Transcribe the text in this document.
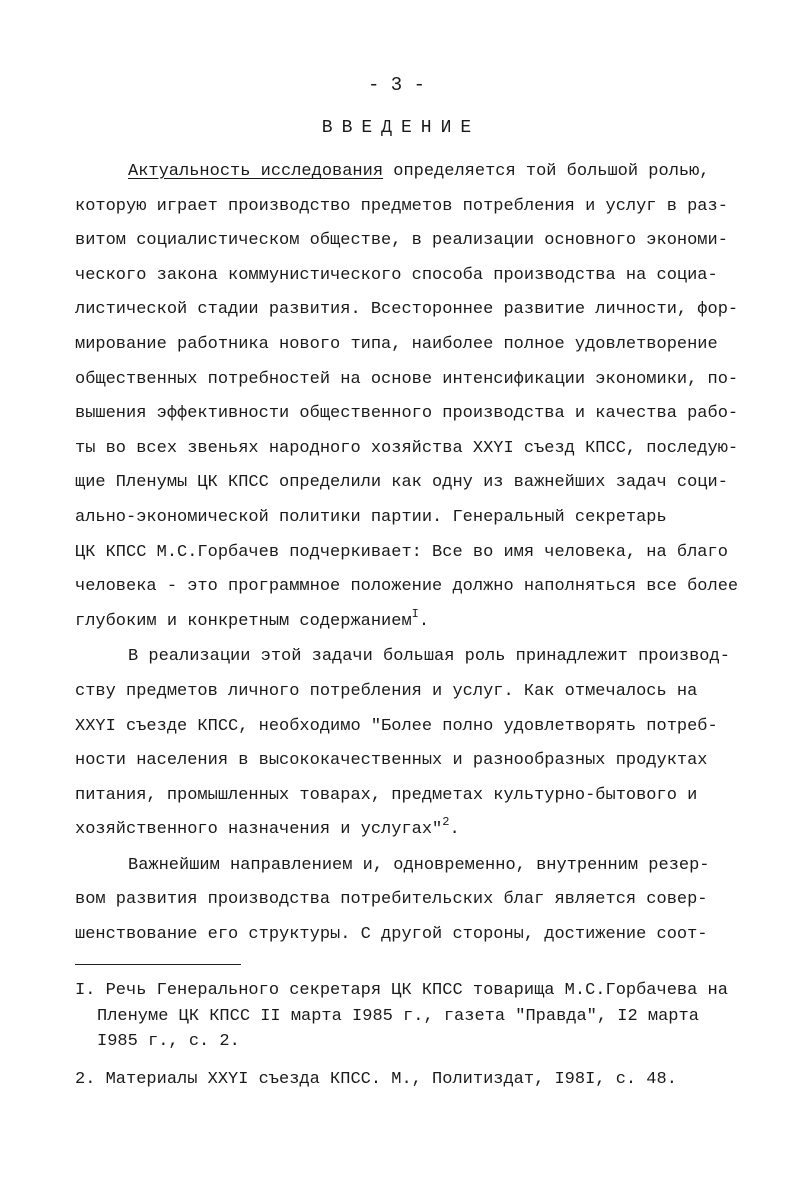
- 3 -
ВВЕДЕНИЕ
Актуальность исследования определяется той большой ролью,
которую играет производство предметов потребления и услуг в раз-
витом социалистическом обществе, в реализации основного экономи-
ческого закона коммунистического способа производства на социа-
листической стадии развития. Всестороннее развитие личности, фор-
мирование работника нового типа, наиболее полное удовлетворение
общественных потребностей на основе интенсификации экономики, по-
вышения эффективности общественного производства и качества рабо-
ты во всех звеньях народного хозяйства XXYI съезд КПСС, последую-
щие Пленумы ЦК КПСС определили как одну из важнейших задач соци-
ально-экономической политики партии. Генеральный секретарь
ЦК КПСС М.С.Горбачев подчеркивает: Все во имя человека, на благо
человека - это программное положение должно наполняться все более
глубоким и конкретным содержанием$^I$.
В реализации этой задачи большая роль принадлежит производ-
ству предметов личного потребления и услуг. Как отмечалось на
XXYI съезде КПСС, необходимо "Более полно удовлетворять потреб-
ности населения в высококачественных и разнообразных продуктах
питания, промышленных товарах, предметах культурно-бытового и
хозяйственного назначения и услугах"$^2$.
Важнейшим направлением и, одновременно, внутренним резер-
вом развития производства потребительских благ является совер-
шенствование его структуры. С другой стороны, достижение соот-
I. Речь Генерального секретаря ЦК КПСС товарища М.С.Горбачева на
Пленуме ЦК КПСС II марта I985 г., газета "Правда", I2 марта
I985 г., с. 2.
2. Материалы XXYI съезда КПСС. М., Политиздат, I98I, с. 48.
